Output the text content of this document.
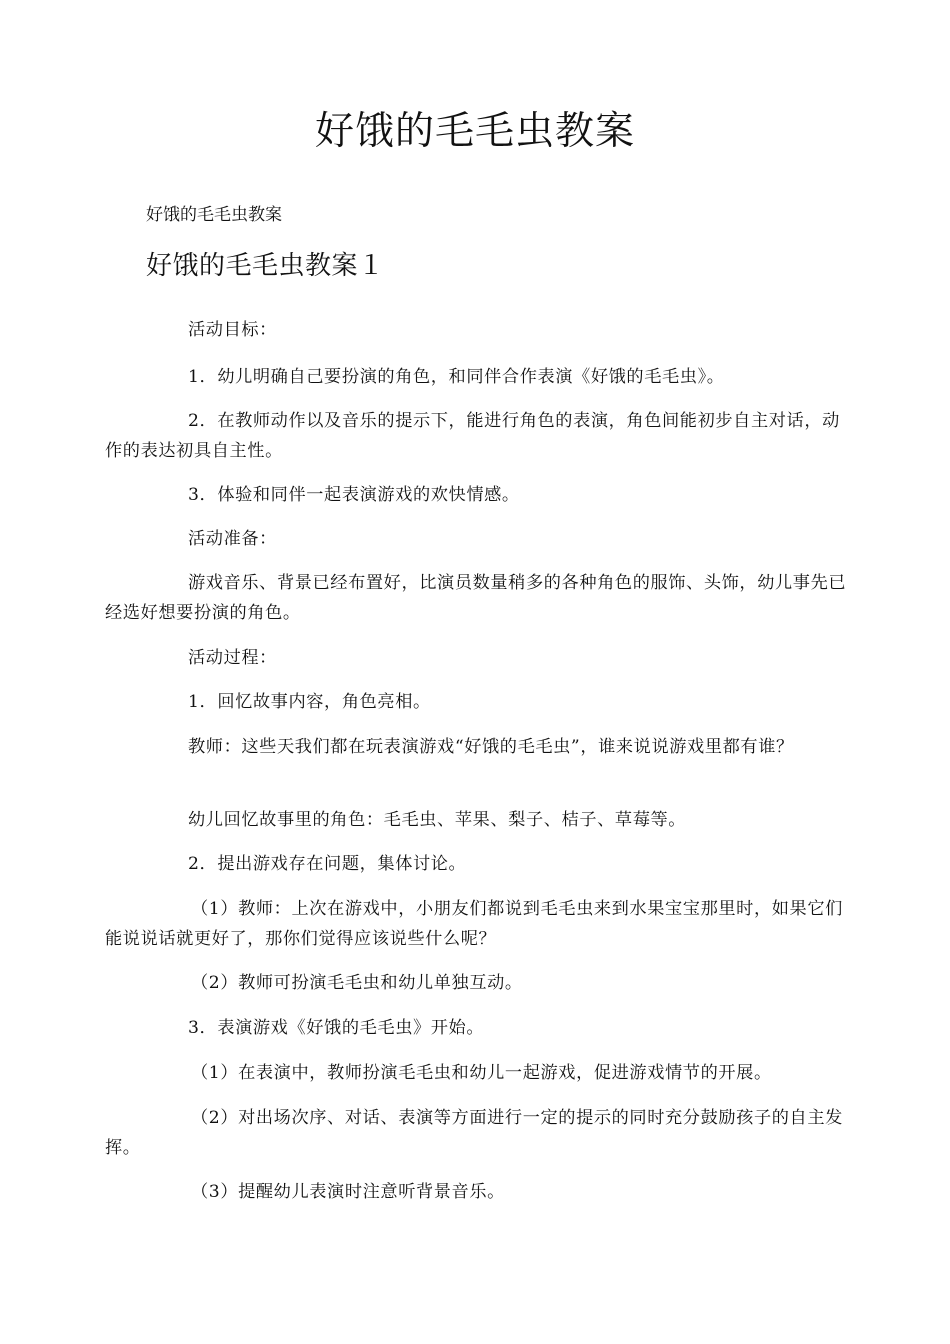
好饿的毛毛虫教案
好饿的毛毛虫教案
好饿的毛毛虫教案１

活动目标：

1．幼儿明确自己要扮演的角色，和同伴合作表演《好饿的毛毛虫》。

2．在教师动作以及音乐的提示下，能进行角色的表演，角色间能初步自主对话，动作的表达初具自主性。

3．体验和同伴一起表演游戏的欢快情感。

活动准备：

游戏音乐、背景已经布置好，比演员数量稍多的各种角色的服饰、头饰，幼儿事先已经选好想要扮演的角色。

活动过程：

1．回忆故事内容，角色亮相。

教师：这些天我们都在玩表演游戏“好饿的毛毛虫”，谁来说说游戏里都有谁？

幼儿回忆故事里的角色：毛毛虫、苹果、梨子、桔子、草莓等。

2．提出游戏存在问题，集体讨论。

（1）教师：上次在游戏中，小朋友们都说到毛毛虫来到水果宝宝那里时，如果它们能说说话就更好了，那你们觉得应该说些什么呢？

（2）教师可扮演毛毛虫和幼儿单独互动。

3．表演游戏《好饿的毛毛虫》开始。

（1）在表演中，教师扮演毛毛虫和幼儿一起游戏，促进游戏情节的开展。

（2）对出场次序、对话、表演等方面进行一定的提示的同时充分鼓励孩子的自主发挥。

（3）提醒幼儿表演时注意听背景音乐。
